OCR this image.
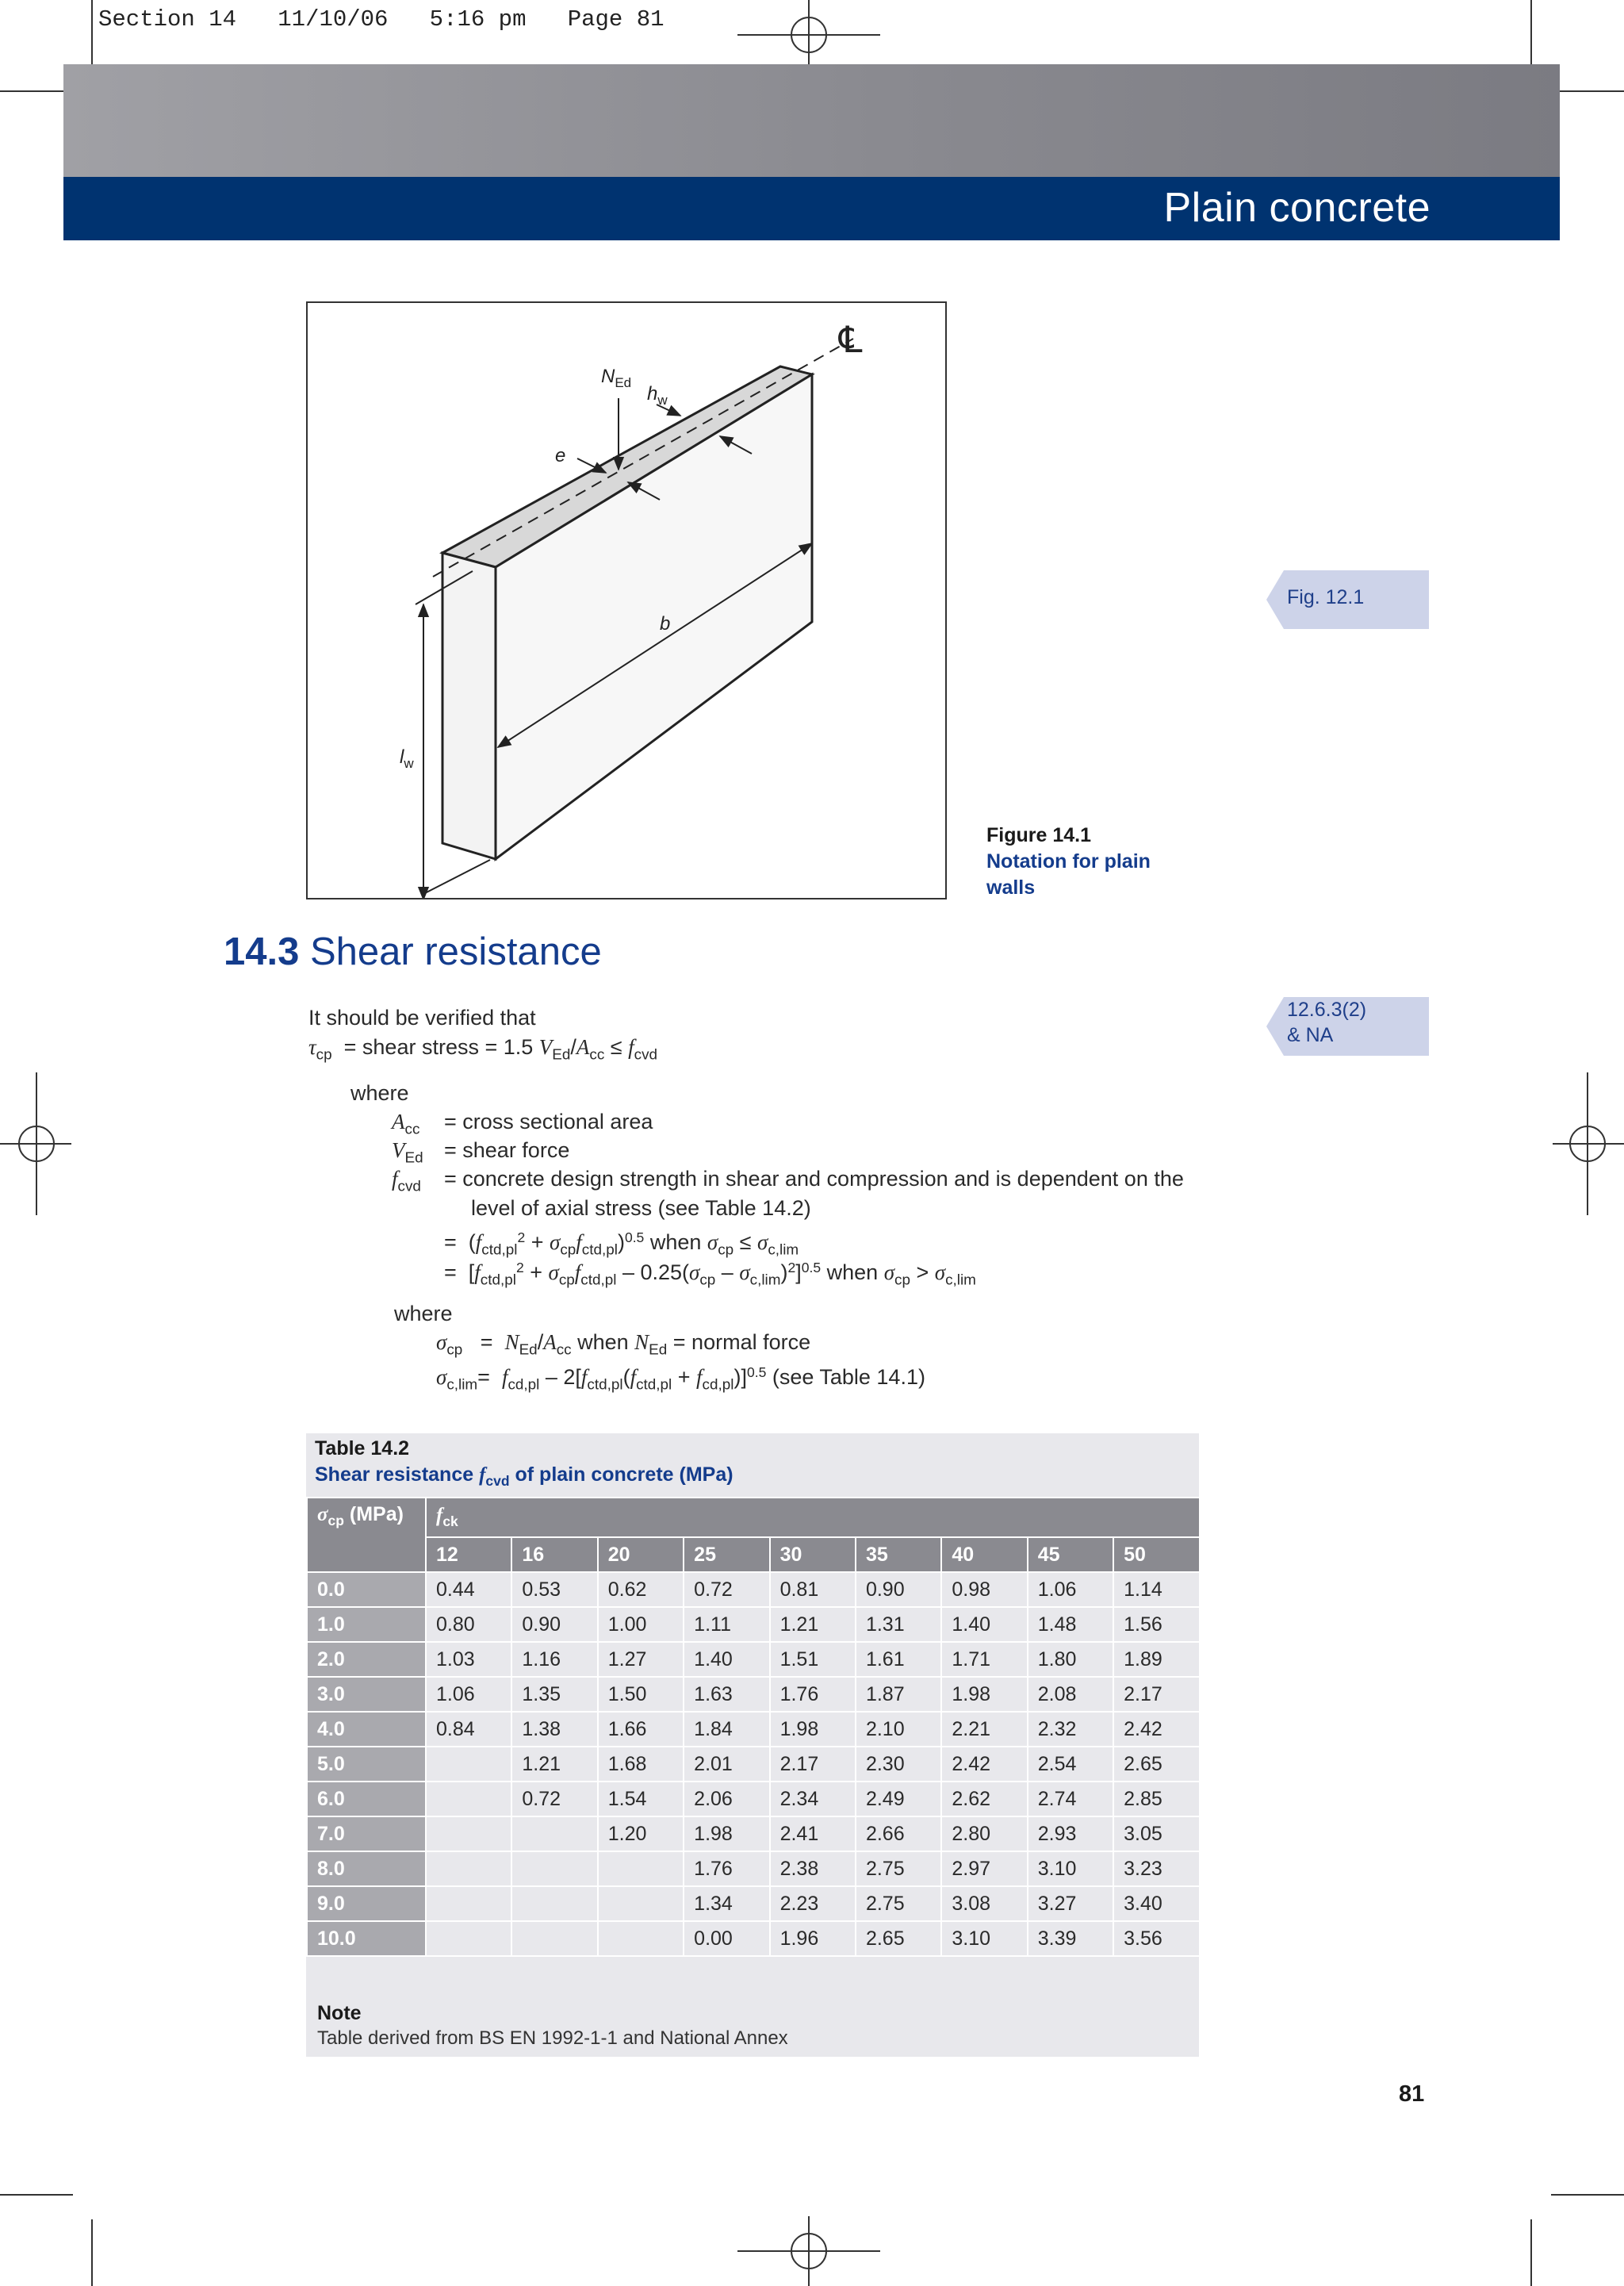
Section 14   11/10/06   5:16 pm   Page 81
Plain concrete
Fig. 12.1
12.6.3(2)
& NA
℄
$N_{Ed}$
$h_w$
e
b
$l_w$
Figure 14.1
Notation for plain
walls
14.3 Shear resistance
It should be verified that
$\tau_{cp}$ = shear stress = 1.5 $V_{Ed}/A_{cc} \le f_{cvd}$
where
$A_{cc}$ = cross sectional area
$V_{Ed}$ = shear force
$f_{cvd}$ = concrete design strength in shear and compression and is dependent on the
level of axial stress (see Table 14.2)
=  $(f_{ctd,pl}^2 + \sigma_{cp}f_{ctd,pl})^{0.5}$ when $\sigma_{cp} \le \sigma_{c,lim}$
=  $[f_{ctd,pl}^2 + \sigma_{cp}f_{ctd,pl} - 0.25(\sigma_{cp} - \sigma_{c,lim})^2]^{0.5}$ when $\sigma_{cp} > \sigma_{c,lim}$
where
$\sigma_{cp} = N_{Ed}/A_{cc}$ when $N_{Ed}$ = normal force
$\sigma_{c,lim}= f_{cd,pl} - 2[f_{ctd,pl}(f_{ctd,pl} + f_{cd,pl})]^{0.5}$ (see Table 14.1)
Table 14.2
Shear resistance $f_{cvd}$ of plain concrete (MPa)
$\sigma_{cp}$ (MPa)	$f_{ck}$
	12	16	20	25	30	35	40	45	50
0.0	0.44	0.53	0.62	0.72	0.81	0.90	0.98	1.06	1.14
1.0	0.80	0.90	1.00	1.11	1.21	1.31	1.40	1.48	1.56
2.0	1.03	1.16	1.27	1.40	1.51	1.61	1.71	1.80	1.89
3.0	1.06	1.35	1.50	1.63	1.76	1.87	1.98	2.08	2.17
4.0	0.84	1.38	1.66	1.84	1.98	2.10	2.21	2.32	2.42
5.0		1.21	1.68	2.01	2.17	2.30	2.42	2.54	2.65
6.0		0.72	1.54	2.06	2.34	2.49	2.62	2.74	2.85
7.0			1.20	1.98	2.41	2.66	2.80	2.93	3.05
8.0				1.76	2.38	2.75	2.97	3.10	3.23
9.0				1.34	2.23	2.75	3.08	3.27	3.40
10.0				0.00	1.96	2.65	3.10	3.39	3.56
Note
Table derived from BS EN 1992-1-1 and National Annex
81
